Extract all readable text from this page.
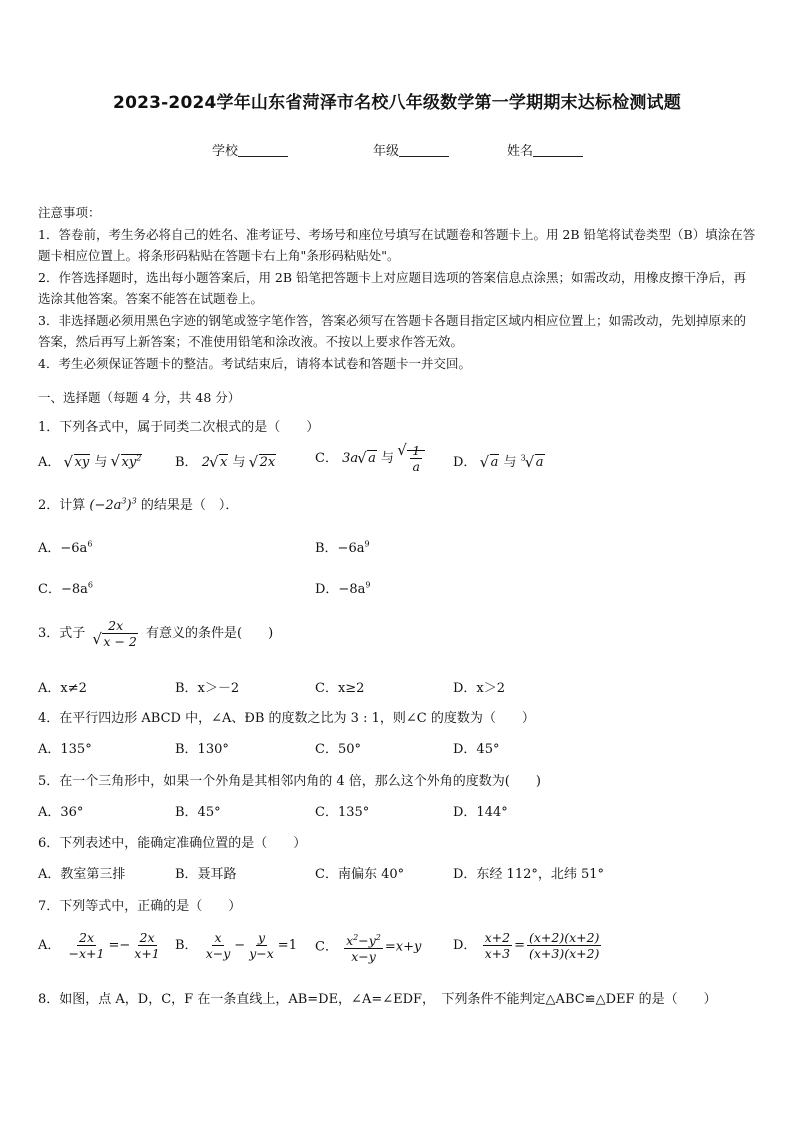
2023-2024学年山东省菏泽市名校八年级数学第一学期期末达标检测试题
学校	年级	姓名

注意事项：

1．答卷前，考生务必将自己的姓名、准考证号、考场号和座位号填写在试题卷和答题卡上。用 2B 铅笔将试卷类型（B）填涂在答题卡相应位置上。将条形码粘贴在答题卡右上角"条形码粘贴处"。

2．作答选择题时，选出每小题答案后，用 2B 铅笔把答题卡上对应题目选项的答案信息点涂黑；如需改动，用橡皮擦干净后，再选涂其他答案。答案不能答在试题卷上。

3．非选择题必须用黑色字迹的钢笔或签字笔作答，答案必须写在答题卡各题目指定区域内相应位置上；如需改动，先划掉原来的答案，然后再写上新答案；不准使用铅笔和涂改液。不按以上要求作答无效。

4．考生必须保证答题卡的整洁。考试结束后，请将本试卷和答题卡一并交回。

一、选择题（每题 4 分，共 48 分）
1．下列各式中，属于同类二次根式的是（　　）
A． √ xy 与 √ $xy^2$	B． 2 √ x 与 √ 2x	C． 3a √ a 与 √ $\frac{1}{a}$ D． √ a 与 $^3$ √ a
2．计算 $(-2a^3)^3$ 的结果是（　）．
A．$-6a^6$	B．$-6a^9$
C．$-8a^6$	D．$-8a^9$
3．式子 2x
√ x − 2 有意义的条件是(　　)
A．x≠2	B．x＞－2	C．x≥2	D．x＞2
4．在平行四边形 ABCD 中，∠A、ÐB 的度数之比为 3 : 1，则∠C 的度数为（　　）
A．135°	B．130°	C．50°	D．45°
5．在一个三角形中，如果一个外角是其相邻内角的 4 倍，那么这个外角的度数为(　　)
A．36°	B．45°	C．135°	D．144°
6．下列表述中，能确定准确位置的是（　　）
A．教室第三排	B．聂耳路	C．南偏东 40°	D．东经 112°，北纬 51°
7．下列等式中，正确的是（　　）
A． $\frac{2x}{-x+1} =- \frac{2x}{x+1}$ B． $\frac{x}{x-y} - \frac{y}{y-x} =1$ C． $\frac{x^2-y^2}{x-y} =x+y$ D． $\frac{x+2}{x+3} = \frac{(x+2)(x+2)}{(x+3)(x+2)}$
8．如图，点 A，D，C，F 在一条直线上，AB=DE，∠A=∠EDF，　下列条件不能判定△ABC≌△DEF 的是（　　）
